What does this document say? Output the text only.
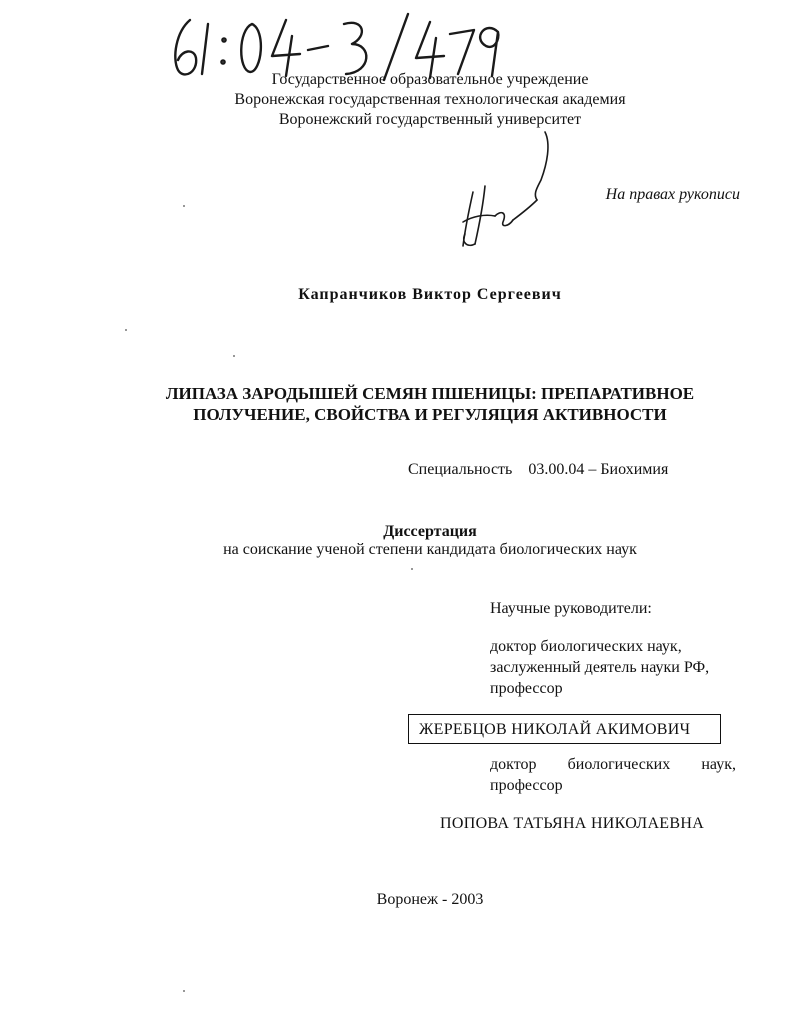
Государственное образовательное учреждение
Воронежская государственная технологическая академия
Воронежский государственный университет
На правах рукописи
Капранчиков Виктор Сергеевич
ЛИПАЗА ЗАРОДЫШЕЙ СЕМЯН ПШЕНИЦЫ: ПРЕПАРАТИВНОЕ
ПОЛУЧЕНИЕ, СВОЙСТВА И РЕГУЛЯЦИЯ АКТИВНОСТИ
Специальность 03.00.04 – Биохимия
Диссертация
на соискание ученой степени кандидата биологических наук
Научные руководители:
доктор биологических наук,
заслуженный деятель науки РФ,
профессор
ЖЕРЕБЦОВ НИКОЛАЙ АКИМОВИЧ
доктор биологических наук,
профессор
ПОПОВА ТАТЬЯНА НИКОЛАЕВНА
Воронеж - 2003
